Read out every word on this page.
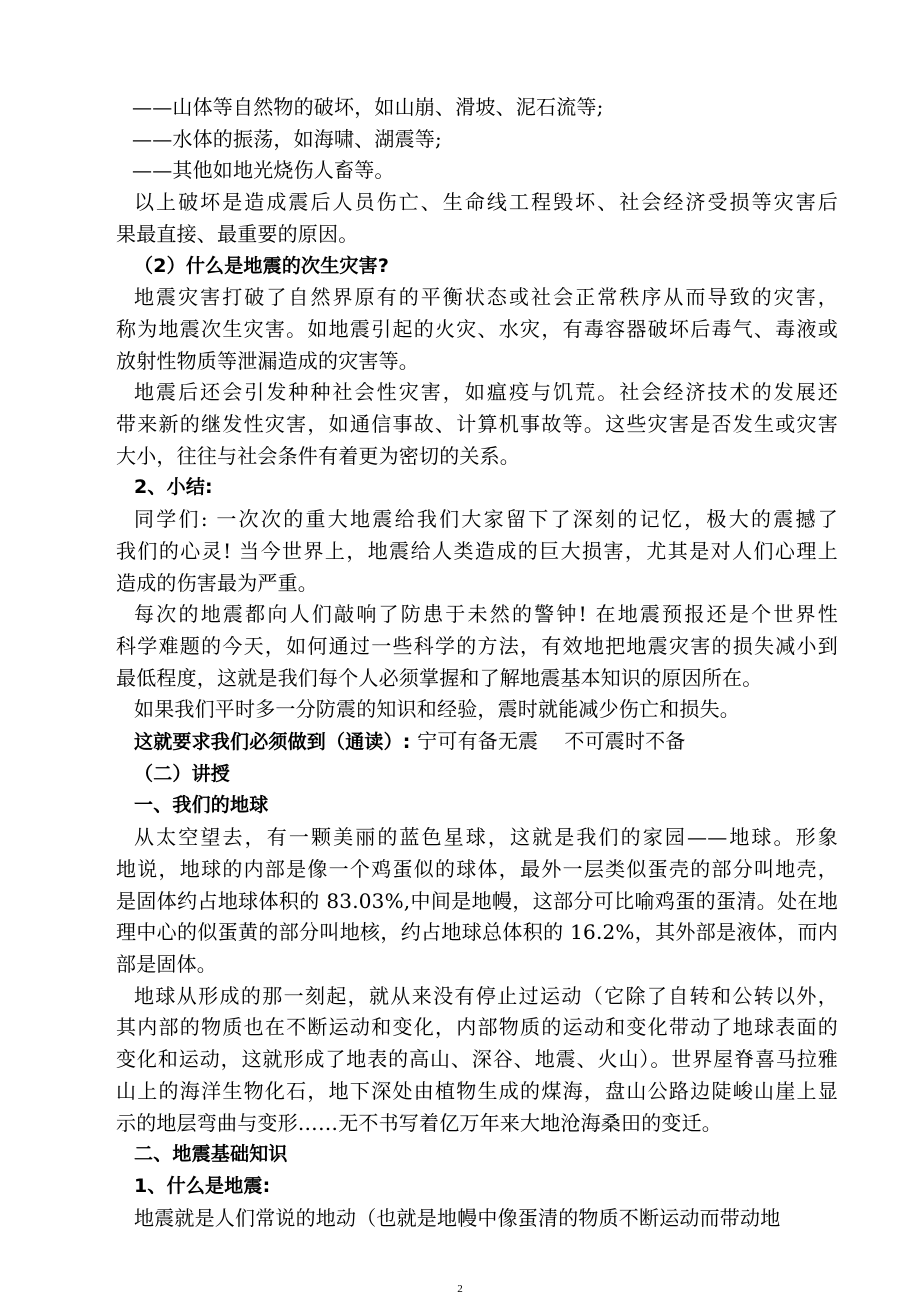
——山体等自然物的破坏，如山崩、滑坡、泥石流等;
——水体的振荡，如海啸、湖震等;
——其他如地光烧伤人畜等。
以上破坏是造成震后人员伤亡、生命线工程毁坏、社会经济受损等灾害后
果最直接、最重要的原因。
（2）什么是地震的次生灾害?
地震灾害打破了自然界原有的平衡状态或社会正常秩序从而导致的灾害，
称为地震次生灾害。如地震引起的火灾、水灾，有毒容器破坏后毒气、毒液或
放射性物质等泄漏造成的灾害等。
地震后还会引发种种社会性灾害，如瘟疫与饥荒。社会经济技术的发展还
带来新的继发性灾害，如通信事故、计算机事故等。这些灾害是否发生或灾害
大小，往往与社会条件有着更为密切的关系。
2、小结:
同学们: 一次次的重大地震给我们大家留下了深刻的记忆，极大的震撼了
我们的心灵! 当今世界上，地震给人类造成的巨大损害，尤其是对人们心理上
造成的伤害最为严重。
每次的地震都向人们敲响了防患于未然的警钟! 在地震预报还是个世界性
科学难题的今天，如何通过一些科学的方法，有效地把地震灾害的损失减小到
最低程度，这就是我们每个人必须掌握和了解地震基本知识的原因所在。
如果我们平时多一分防震的知识和经验，震时就能减少伤亡和损失。
这就要求我们必须做到（通读）: 宁可有备无震 不可震时不备
（二）讲授
一、我们的地球
从太空望去，有一颗美丽的蓝色星球，这就是我们的家园——地球。形象
地说，地球的内部是像一个鸡蛋似的球体，最外一层类似蛋壳的部分叫地壳，
是固体约占地球体积的 83.03%,中间是地幔，这部分可比喻鸡蛋的蛋清。处在地
理中心的似蛋黄的部分叫地核，约占地球总体积的 16.2%，其外部是液体，而内
部是固体。
地球从形成的那一刻起，就从来没有停止过运动（它除了自转和公转以外，
其内部的物质也在不断运动和变化，内部物质的运动和变化带动了地球表面的
变化和运动，这就形成了地表的高山、深谷、地震、火山）。世界屋脊喜马拉雅
山上的海洋生物化石，地下深处由植物生成的煤海，盘山公路边陡峻山崖上显
示的地层弯曲与变形……无不书写着亿万年来大地沧海桑田的变迁。
二、地震基础知识
1、什么是地震:
地震就是人们常说的地动（也就是地幔中像蛋清的物质不断运动而带动地
2
